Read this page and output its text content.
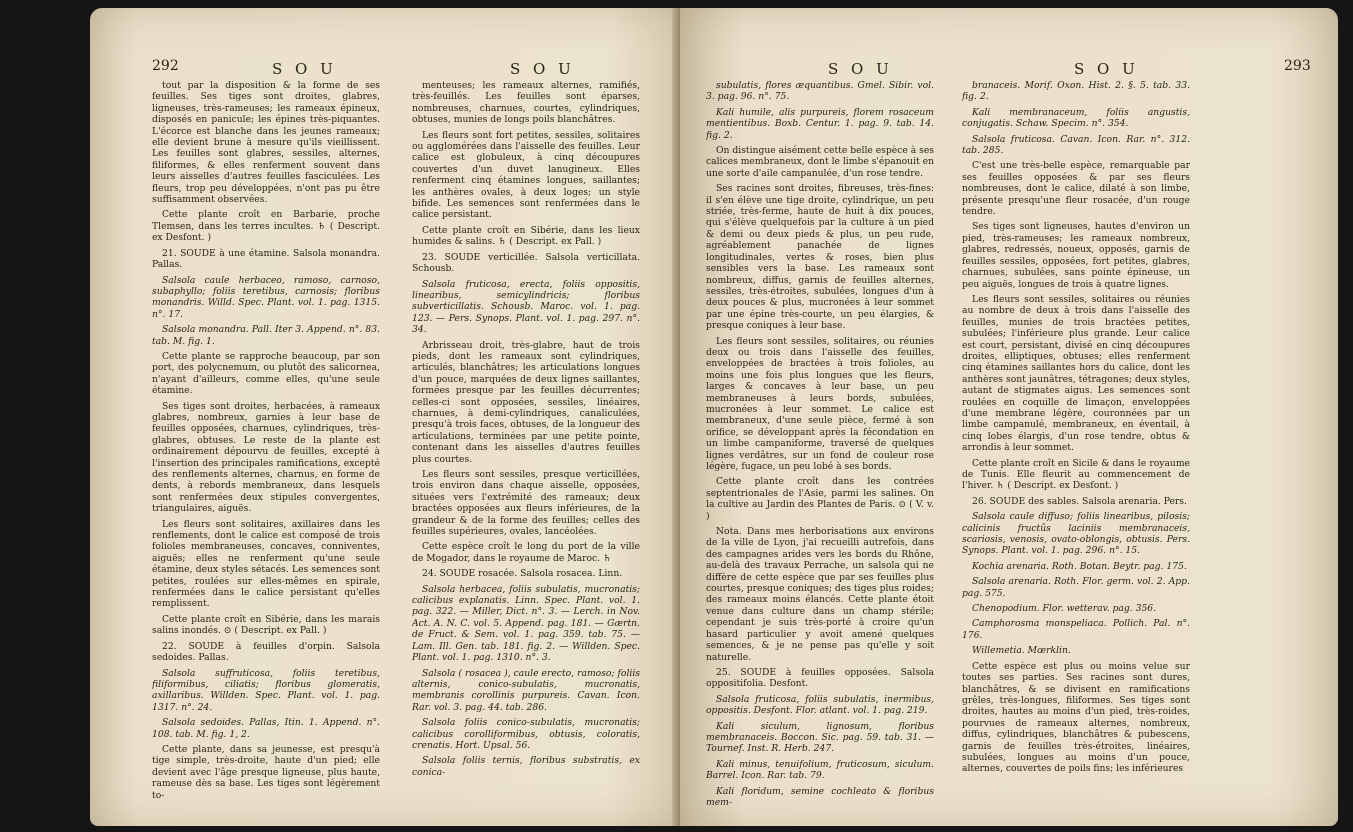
292	S O U	S O U

tout par la disposition & la forme de ses feuilles. Ses tiges sont droites, glabres, ligneuses, très-rameuses; les rameaux épineux, disposés en panicule; les épines très-piquantes. L'écorce est blanche dans les jeunes rameaux; elle devient brune à mesure qu'ils vieillissent. Les feuilles sont glabres, sessiles, alternes, filiformes, & elles renferment souvent dans leurs aisselles d'autres feuilles fasciculées. Les fleurs, trop peu développées, n'ont pas pu être suffisamment observées.

Cette plante croît en Barbarie, proche Tlemsen, dans les terres incultes. ♄ ( Descript. ex Desfont. )

21. SOUDE à une étamine. Salsola monandra. Pallas.

Salsola caule herbaceo, ramoso, carnoso, subaphyllo; foliis teretibus, carnosis; floribus monandris. Willd. Spec. Plant. vol. 1. pag. 1315. n°. 17.

Salsola monandra. Pall. Iter 3. Append. n°. 83. tab. M. fig. 1.

Cette plante se rapproche beaucoup, par son port, des polycnemum, ou plutôt des salicornea, n'ayant d'ailleurs, comme elles, qu'une seule étamine.

Ses tiges sont droites, herbacées, à rameaux glabres, nombreux, garnies à leur base de feuilles opposées, charnues, cylindriques, très-glabres, obtuses. Le reste de la plante est ordinairement dépourvu de feuilles, excepté à l'insertion des principales ramifications, excepté des renflements alternes, charnus, en forme de dents, à rebords membraneux, dans lesquels sont renfermées deux stipules convergentes, triangulaires, aiguës.

Les fleurs sont solitaires, axillaires dans les renflements, dont le calice est composé de trois folioles membraneuses, concaves, conniventes, aiguës; elles ne renferment qu'une seule étamine, deux styles sétacés. Les semences sont petites, roulées sur elles-mêmes en spirale, renfermées dans le calice persistant qu'elles remplissent.

Cette plante croît en Sibérie, dans les marais salins inondés. ⊙ ( Descript. ex Pall. )

22. SOUDE à feuilles d'orpin. Salsola sedoides. Pallas.

Salsola suffruticosa, foliis teretibus, filiformibus, ciliatis; floribus glomeratis, axillaribus. Willden. Spec. Plant. vol. 1. pag. 1317. n°. 24.

Salsola sedoides. Pallas, Itin. 1. Append. n°. 108. tab. M. fig. 1, 2.

Cette plante, dans sa jeunesse, est presqu'à tige simple, très-droite, haute d'un pied; elle devient avec l'âge presque ligneuse, plus haute, rameuse dès sa base. Les tiges sont légèrement to-

menteuses; les rameaux alternes, ramifiés, très-feuillés. Les feuilles sont éparses, nombreuses, charnues, courtes, cylindriques, obtuses, munies de longs poils blanchâtres.

Les fleurs sont fort petites, sessiles, solitaires ou agglomérées dans l'aisselle des feuilles. Leur calice est globuleux, à cinq découpures couvertes d'un duvet lanugineux. Elles renferment cinq étamines longues, saillantes; les anthères ovales, à deux loges; un style bifide. Les semences sont renfermées dans le calice persistant.

Cette plante croît en Sibérie, dans les lieux humides & salins. ♄ ( Descript. ex Pall. )

23. SOUDE verticillée. Salsola verticillata. Schousb.

Salsola fruticosa, erecta, foliis oppositis, linearibus, semicylindricis; floribus subverticillatis. Schousb. Maroc. vol. 1. pag. 123. — Pers. Synops. Plant. vol. 1. pag. 297. n°. 34.

Arbrisseau droit, très-glabre, haut de trois pieds, dont les rameaux sont cylindriques, articulés, blanchâtres; les articulations longues d'un pouce, marquées de deux lignes saillantes, formées presque par les feuilles décurrentes; celles-ci sont opposées, sessiles, linéaires, charnues, à demi-cylindriques, canaliculées, presqu'à trois faces, obtuses, de la longueur des articulations, terminées par une petite pointe, contenant dans les aisselles d'autres feuilles plus courtes.

Les fleurs sont sessiles, presque verticillées, trois environ dans chaque aisselle, opposées, situées vers l'extrémité des rameaux; deux bractées opposées aux fleurs inférieures, de la grandeur & de la forme des feuilles; celles des feuilles supérieures, ovales, lancéolées.

Cette espèce croît le long du port de la ville de Mogador, dans le royaume de Maroc. ♄

24. SOUDE rosacée. Salsola rosacea. Linn.

Salsola herbacea, foliis subulatis, mucronatis; calicibus explanatis. Linn. Spec. Plant. vol. 1. pag. 322. — Miller, Dict. n°. 3. — Lerch. in Nov. Act. A. N. C. vol. 5. Append. pag. 181. — Gærtn. de Fruct. & Sem. vol. 1. pag. 359. tab. 75. — Lam. Ill. Gen. tab. 181. fig. 2. — Willden. Spec. Plant. vol. 1. pag. 1310. n°. 3.

Salsola ( rosacea ), caule erecto, ramoso; foliis alternis, conico-subulatis, mucronatis, membranis corollinis purpureis. Cavan. Icon. Rar. vol. 3. pag. 44. tab. 286.

Salsola foliis conico-subulatis, mucronatis; calicibus corolliformibus, obtusis, coloratis, crenatis. Hort. Upsal. 56.

Salsola foliis ternis, floribus substratis, ex conica-

S O U	S O U	293

subulatis, flores æquantibus. Gmel. Sibir. vol. 3. pag. 96. n°. 75.

Kali humile, alis purpureis, florem rosaceum mentientibus. Boxb. Centur. 1. pag. 9. tab. 14. fig. 2.

On distingue aisément cette belle espèce à ses calices membraneux, dont le limbe s'épanouit en une sorte d'aile campanulée, d'un rose tendre.

Ses racines sont droites, fibreuses, très-fines: il s'en élève une tige droite, cylindrique, un peu striée, très-ferme, haute de huit à dix pouces, qui s'élève quelquefois par la culture à un pied & demi ou deux pieds & plus, un peu rude, agréablement panachée de lignes longitudinales, vertes & roses, bien plus sensibles vers la base. Les rameaux sont nombreux, diffus, garnis de feuilles alternes, sessiles, très-étroites, subulées, longues d'un à deux pouces & plus, mucronées à leur sommet par une épine très-courte, un peu élargies, & presque coniques à leur base.

Les fleurs sont sessiles, solitaires, ou réunies deux ou trois dans l'aisselle des feuilles, enveloppées de bractées à trois folioles, au moins une fois plus longues que les fleurs, larges & concaves à leur base, un peu membraneuses à leurs bords, subulées, mucronées à leur sommet. Le calice est membraneux, d'une seule pièce, fermé à son orifice, se développant après la fécondation en un limbe campaniforme, traversé de quelques lignes verdâtres, sur un fond de couleur rose légère, fugace, un peu lobé à ses bords.

Cette plante croît dans les contrées septentrionales de l'Asie, parmi les salines. On la cultive au Jardin des Plantes de Paris. ⊙ ( V. v. )

Nota. Dans mes herborisations aux environs de la ville de Lyon, j'ai recueilli autrefois, dans des campagnes arides vers les bords du Rhône, au-delà des travaux Perrache, un salsola qui ne diffère de cette espèce que par ses feuilles plus courtes, presque coniques; des tiges plus roides; des rameaux moins élancés. Cette plante étoit venue dans culture dans un champ stérile; cependant je suis très-porté à croire qu'un hasard particulier y avoit amené quelques semences, & je ne pense pas qu'elle y soit naturelle.

25. SOUDE à feuilles opposées. Salsola oppositifolia. Desfont.

Salsola fruticosa, foliis subulatis, inermibus, oppositis. Desfont. Flor. atlant. vol. 1. pag. 219.

Kali siculum, lignosum, floribus membranaceis. Boccon. Sic. pag. 59. tab. 31. — Tournef. Inst. R. Herb. 247.

Kali minus, tenuifolium, fruticosum, siculum. Barrel. Icon. Rar. tab. 79.

Kali floridum, semine cochleato & floribus mem-

branaceis. Morif. Oxon. Hist. 2. §. 5. tab. 33. fig. 2.

Kali membranaceum, foliis angustis, conjugatis. Schaw. Specim. n°. 354.

Salsola fruticosa. Cavan. Icon. Rar. n°. 312. tab. 285.

C'est une très-belle espèce, remarquable par ses feuilles opposées & par ses fleurs nombreuses, dont le calice, dilaté à son limbe, présente presqu'une fleur rosacée, d'un rouge tendre.

Ses tiges sont ligneuses, hautes d'environ un pied, très-rameuses; les rameaux nombreux, glabres, redressés, noueux, opposés, garnis de feuilles sessiles, opposées, fort petites, glabres, charnues, subulées, sans pointe épineuse, un peu aiguës, longues de trois à quatre lignes.

Les fleurs sont sessiles, solitaires ou réunies au nombre de deux à trois dans l'aisselle des feuilles, munies de trois bractées petites, subulées; l'inférieure plus grande. Leur calice est court, persistant, divisé en cinq découpures droites, elliptiques, obtuses; elles renferment cinq étamines saillantes hors du calice, dont les anthères sont jaunâtres, tétragones; deux styles, autant de stigmates aigus. Les semences sont roulées en coquille de limaçon, enveloppées d'une membrane légère, couronnées par un limbe campanulé, membraneux, en éventail, à cinq lobes élargis, d'un rose tendre, obtus & arrondis à leur sommet.

Cette plante croît en Sicile & dans le royaume de Tunis. Elle fleurit au commencement de l'hiver. ♄ ( Descript. ex Desfont. )

26. SOUDE des sables. Salsola arenaria. Pers.

Salsola caule diffuso; foliis linearibus, pilosis; calicinis fructûs laciniis membranaceis, scariosis, venosis, ovato-oblongis, obtusis. Pers. Synops. Plant. vol. 1. pag. 296. n°. 15.

Kochia arenaria. Roth. Botan. Beytr. pag. 175.

Salsola arenaria. Roth. Flor. germ. vol. 2. App. pag. 575.

Chenopodium. Flor. wetterav. pag. 356.

Camphorosma monspeliaca. Pollich. Pal. n°. 176.

Willemetia. Mœrklin.

Cette espèce est plus ou moins velue sur toutes ses parties. Ses racines sont dures, blanchâtres, & se divisent en ramifications grêles, très-longues, filiformes. Ses tiges sont droites, hautes au moins d'un pied, très-roides, pourvues de rameaux alternes, nombreux, diffus, cylindriques, blanchâtres & pubescens, garnis de feuilles très-étroites, linéaires, subulées, longues au moins d'un pouce, alternes, couvertes de poils fins; les inférieures
